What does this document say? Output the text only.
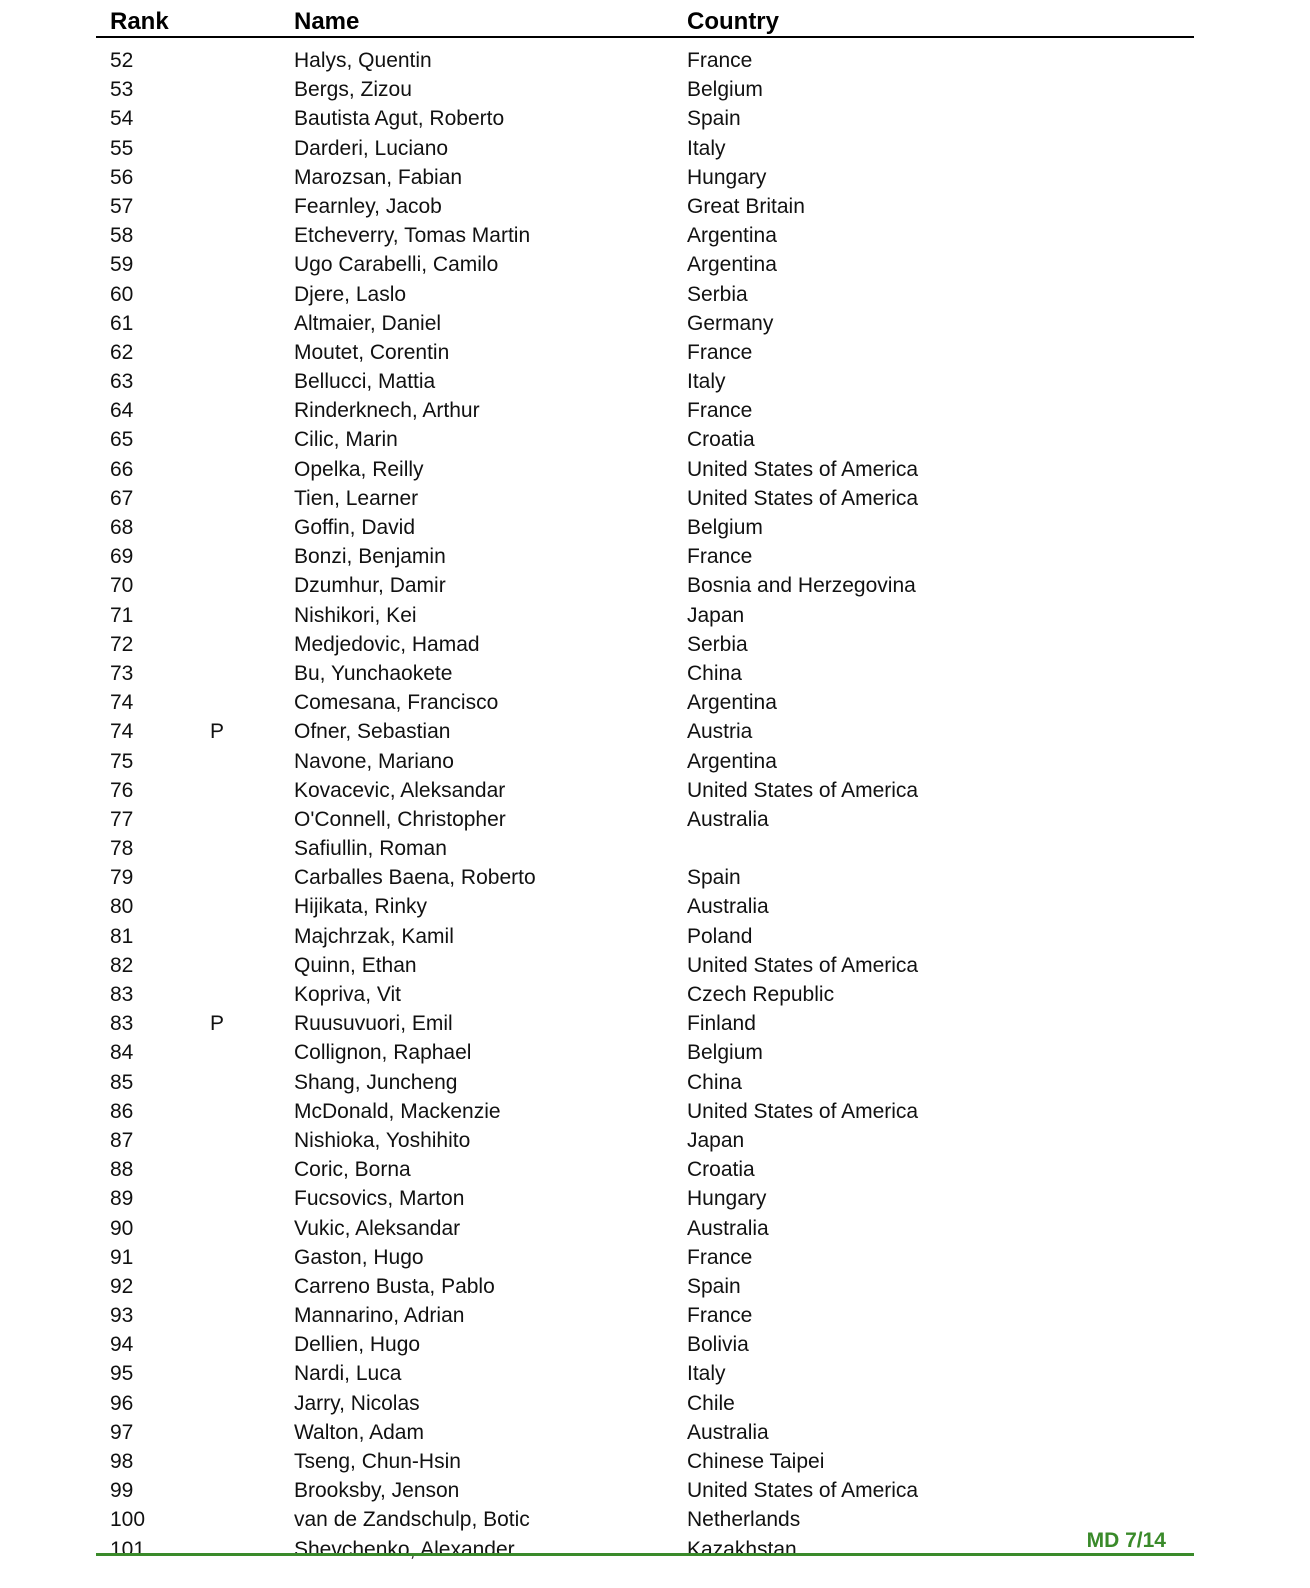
Rank	Name	Country
52	Halys, Quentin	France
53	Bergs, Zizou	Belgium
54	Bautista Agut, Roberto	Spain
55	Darderi, Luciano	Italy
56	Marozsan, Fabian	Hungary
57	Fearnley, Jacob	Great Britain
58	Etcheverry, Tomas Martin	Argentina
59	Ugo Carabelli, Camilo	Argentina
60	Djere, Laslo	Serbia
61	Altmaier, Daniel	Germany
62	Moutet, Corentin	France
63	Bellucci, Mattia	Italy
64	Rinderknech, Arthur	France
65	Cilic, Marin	Croatia
66	Opelka, Reilly	United States of America
67	Tien, Learner	United States of America
68	Goffin, David	Belgium
69	Bonzi, Benjamin	France
70	Dzumhur, Damir	Bosnia and Herzegovina
71	Nishikori, Kei	Japan
72	Medjedovic, Hamad	Serbia
73	Bu, Yunchaokete	China
74	Comesana, Francisco	Argentina
74	P	Ofner, Sebastian	Austria
75	Navone, Mariano	Argentina
76	Kovacevic, Aleksandar	United States of America
77	O'Connell, Christopher	Australia
78	Safiullin, Roman
79	Carballes Baena, Roberto	Spain
80	Hijikata, Rinky	Australia
81	Majchrzak, Kamil	Poland
82	Quinn, Ethan	United States of America
83	Kopriva, Vit	Czech Republic
83	P	Ruusuvuori, Emil	Finland
84	Collignon, Raphael	Belgium
85	Shang, Juncheng	China
86	McDonald, Mackenzie	United States of America
87	Nishioka, Yoshihito	Japan
88	Coric, Borna	Croatia
89	Fucsovics, Marton	Hungary
90	Vukic, Aleksandar	Australia
91	Gaston, Hugo	France
92	Carreno Busta, Pablo	Spain
93	Mannarino, Adrian	France
94	Dellien, Hugo	Bolivia
95	Nardi, Luca	Italy
96	Jarry, Nicolas	Chile
97	Walton, Adam	Australia
98	Tseng, Chun-Hsin	Chinese Taipei
99	Brooksby, Jenson	United States of America
100	van de Zandschulp, Botic	Netherlands
101	Shevchenko, Alexander	Kazakhstan	MD 7/14
